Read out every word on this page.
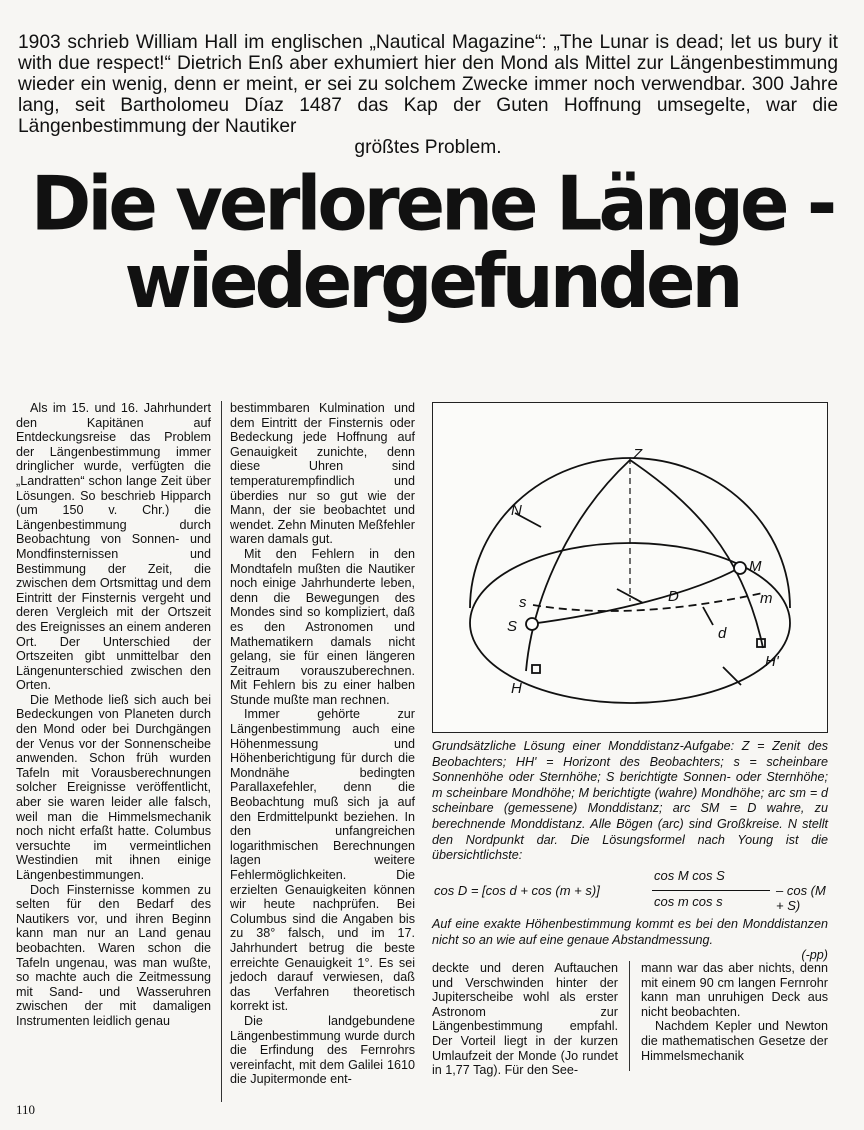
1903 schrieb William Hall im englischen „Nautical Magazine“: „The Lunar is dead; let us bury it with due respect!“ Dietrich Enß aber exhumiert hier den Mond als Mittel zur Längenbestimmung wieder ein wenig, denn er meint, er sei zu solchem Zwecke immer noch verwendbar. 300 Jahre lang, seit Bartholomeu Díaz 1487 das Kap der Guten Hoffnung umsegelte, war die Längenbestimmung der Nautiker
größtes Problem.
Die verlorene Länge -
wiedergefunden

Als im 15. und 16. Jahrhundert den Kapitänen auf Entdeckungsreise das Problem der Längenbestimmung immer dringlicher wurde, verfügten die „Landratten“ schon lange Zeit über Lösungen. So beschrieb Hipparch (um 150 v. Chr.) die Längenbestimmung durch Beobachtung von Sonnen- und Mondfinsternissen und Bestimmung der Zeit, die zwischen dem Ortsmittag und dem Eintritt der Finsternis vergeht und deren Vergleich mit der Ortszeit des Ereignisses an einem anderen Ort. Der Unterschied der Ortszeiten gibt unmittelbar den Längenunterschied zwischen den Orten.

Die Methode ließ sich auch bei Bedeckungen von Planeten durch den Mond oder bei Durchgängen der Venus vor der Sonnenscheibe anwenden. Schon früh wurden Tafeln mit Vorausberechnungen solcher Ereignisse veröffentlicht, aber sie waren leider alle falsch, weil man die Himmelsmechanik noch nicht erfaßt hatte. Columbus versuchte im vermeintlichen Westindien mit ihnen einige Längenbestimmungen.

Doch Finsternisse kommen zu selten für den Bedarf des Nautikers vor, und ihren Beginn kann man nur an Land genau beobachten. Waren schon die Tafeln ungenau, was man wußte, so machte auch die Zeitmessung mit Sand- und Wasseruhren zwischen der mit damaligen Instrumenten leidlich genau

bestimmbaren Kulmination und dem Eintritt der Finsternis oder Bedeckung jede Hoffnung auf Genauigkeit zunichte, denn diese Uhren sind temperaturempfindlich und überdies nur so gut wie der Mann, der sie beobachtet und wendet. Zehn Minuten Meßfehler waren damals gut.

Mit den Fehlern in den Mondtafeln mußten die Nautiker noch einige Jahrhunderte leben, denn die Bewegungen des Mondes sind so kompliziert, daß es den Astronomen und Mathematikern damals nicht gelang, sie für einen längeren Zeitraum vorauszuberechnen. Mit Fehlern bis zu einer halben Stunde mußte man rechnen.

Immer gehörte zur Längenbestimmung auch eine Höhenmessung und Höhenberichtigung für durch die Mondnähe bedingten Parallaxefehler, denn die Beobachtung muß sich ja auf den Erdmittelpunkt beziehen. In den unfangreichen logarithmischen Berechnungen lagen weitere Fehlermöglichkeiten. Die erzielten Genauigkeiten können wir heute nachprüfen. Bei Columbus sind die Angaben bis zu 38° falsch, und im 17. Jahrhundert betrug die beste erreichte Genauigkeit 1°. Es sei jedoch darauf verwiesen, daß das Verfahren theoretisch korrekt ist.

Die landgebundene Längenbestimmung wurde durch die Erfindung des Fernrohrs vereinfacht, mit dem Galilei 1610 die Jupitermonde ent-

Z
N
M
m
D
d
s
S
H
H'
Grundsätzliche Lösung einer Monddistanz-Aufgabe: Z = Zenit des Beobachters; HH' = Horizont des Beobachters; s = scheinbare Sonnenhöhe oder Sternhöhe; S berichtigte Sonnen- oder Sternhöhe; m scheinbare Mondhöhe; M berichtigte (wahre) Mondhöhe; arc sm = d scheinbare (gemessene) Monddistanz; arc SM = D wahre, zu berechnende Monddistanz. Alle Bögen (arc) sind Großkreise. N stellt den Nordpunkt dar. Die Lösungsformel nach Young ist die übersichtlichste:
cos D = [cos d + cos (m + s)]
cos M cos S
cos m cos s
– cos (M + S)
Auf eine exakte Höhenbestimmung kommt es bei den Monddistanzen nicht so an wie auf eine genaue Abstandmessung.
(-pp)

deckte und deren Auftauchen und Verschwinden hinter der Jupiterscheibe wohl als erster Astronom zur Längenbestimmung empfahl. Der Vorteil liegt in der kurzen Umlaufzeit der Monde (Jo rundet in 1,77 Tag). Für den See-

mann war das aber nichts, denn mit einem 90 cm langen Fernrohr kann man unruhigen Deck aus nicht beobachten.

Nachdem Kepler und Newton die mathematischen Gesetze der Himmelsmechanik

110
